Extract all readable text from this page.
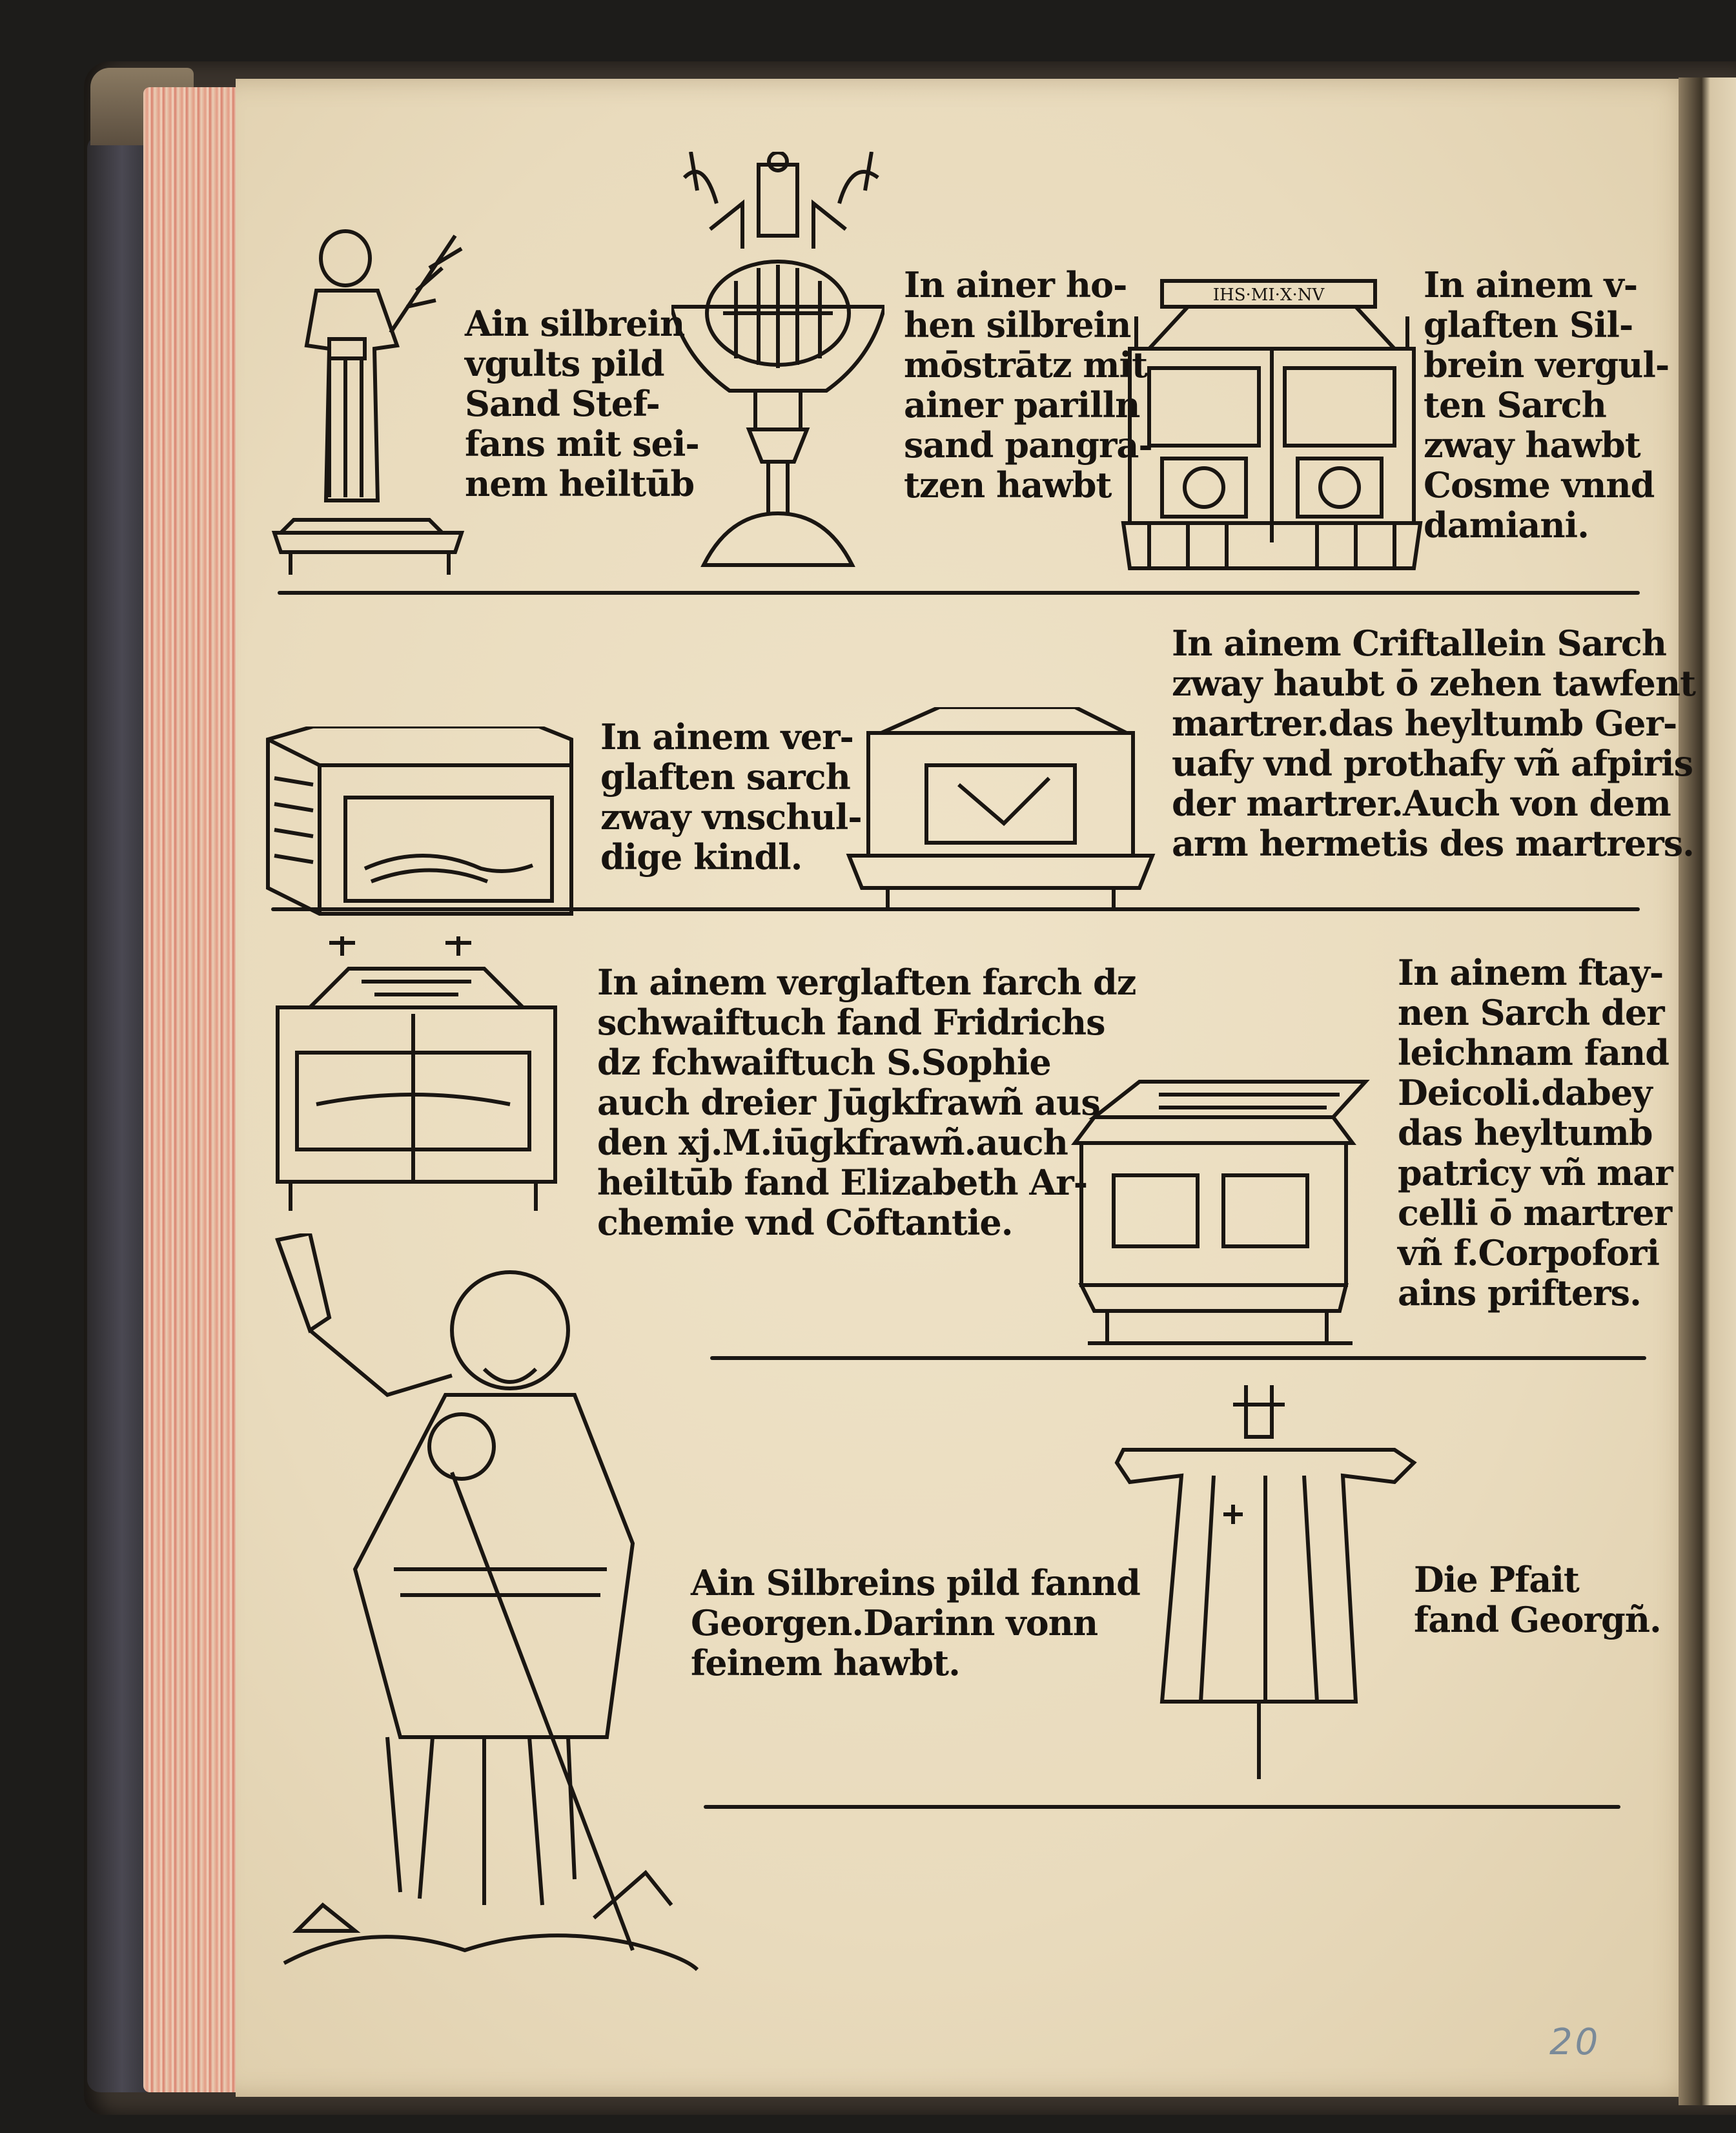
Ain silbrein
vgults pild
Sand Stef-
fans mit sei-
nem heiltūb
In ainer ho-
hen silbrein
mōstrātz mit
ainer parilln
sand pangra-
tzen hawbt
IΗS·MI·X·NV	In ainem v-
glaften Sil-
brein vergul-
ten Sarch
zway hawbt
Cosme vnnd
damiani.
In ainem ver-
glaften sarch
zway vnschul-
dige kindl.
In ainem Criftallein Sarch
zway haubt ō zehen tawfent
martrer.das heyltumb Ger-
uafy vnd prothafy vñ afpiris
der martrer.Auch von dem
arm hermetis des martrers.
In ainem verglaften farch dz
schwaiftuch fand Fridrichs
dz fchwaiftuch S.Sophie
auch dreier Jūgkfrawñ aus
den xj.M.iūgkfrawñ.auch
heiltūb fand Elizabeth Ar-
chemie vnd Cōftantie.
In ainem ftay-
nen Sarch der
leichnam fand
Deicoli.dabey
das heyltumb
patricy vñ mar
celli ō martrer
vñ f.Corpofori
ains prifters.
Ain Silbreins pild fannd
Georgen.Darinn vonn
feinem hawbt.
Die Pfait
fand Georgñ.
20
